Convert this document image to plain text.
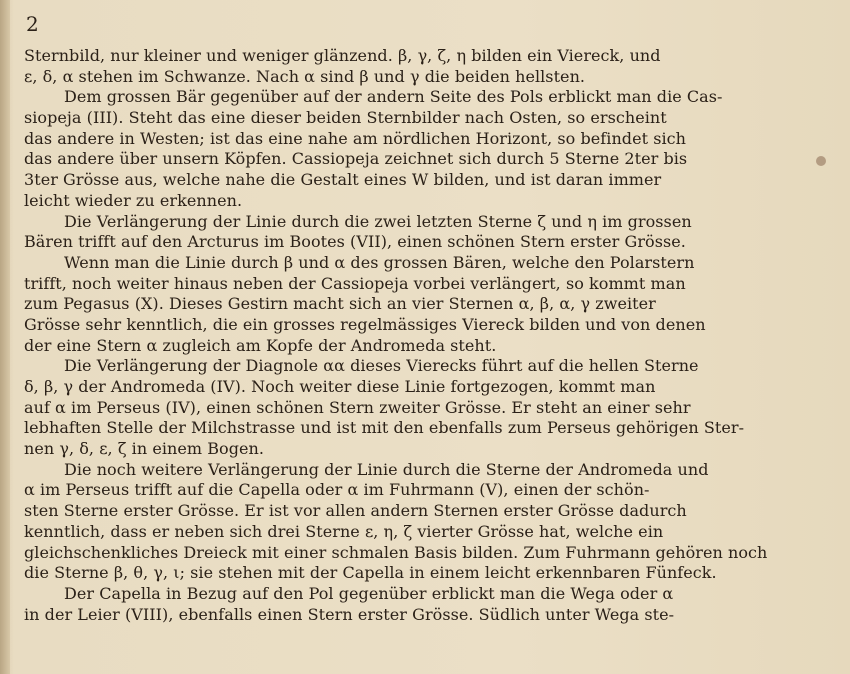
2
Sternbild, nur kleiner und weniger glänzend. β, γ, ζ, η bilden ein Viereck, und
ε, δ, α stehen im Schwanze. Nach α sind β und γ die beiden hellsten.
Dem grossen Bär gegenüber auf der andern Seite des Pols erblickt man die Cas-
siopeja (III). Steht das eine dieser beiden Sternbilder nach Osten, so erscheint
das andere in Westen; ist das eine nahe am nördlichen Horizont, so befindet sich
das andere über unsern Köpfen. Cassiopeja zeichnet sich durch 5 Sterne 2ter bis
3ter Grösse aus, welche nahe die Gestalt eines W bilden, und ist daran immer
leicht wieder zu erkennen.
Die Verlängerung der Linie durch die zwei letzten Sterne ζ und η im grossen
Bären trifft auf den Arcturus im Bootes (VII), einen schönen Stern erster Grösse.
Wenn man die Linie durch β und α des grossen Bären, welche den Polarstern
trifft, noch weiter hinaus neben der Cassiopeja vorbei verlängert, so kommt man
zum Pegasus (X). Dieses Gestirn macht sich an vier Sternen α, β, α, γ zweiter
Grösse sehr kenntlich, die ein grosses regelmässiges Viereck bilden und von denen
der eine Stern α zugleich am Kopfe der Andromeda steht.
Die Verlängerung der Diagnole αα dieses Vierecks führt auf die hellen Sterne
δ, β, γ der Andromeda (IV). Noch weiter diese Linie fortgezogen, kommt man
auf α im Perseus (IV), einen schönen Stern zweiter Grösse. Er steht an einer sehr
lebhaften Stelle der Milchstrasse und ist mit den ebenfalls zum Perseus gehörigen Ster-
nen γ, δ, ε, ζ in einem Bogen.
Die noch weitere Verlängerung der Linie durch die Sterne der Andromeda und
α im Perseus trifft auf die Capella oder α im Fuhrmann (V), einen der schön-
sten Sterne erster Grösse. Er ist vor allen andern Sternen erster Grösse dadurch
kenntlich, dass er neben sich drei Sterne ε, η, ζ vierter Grösse hat, welche ein
gleichschenkliches Dreieck mit einer schmalen Basis bilden. Zum Fuhrmann gehören noch
die Sterne β, θ, γ, ι; sie stehen mit der Capella in einem leicht erkennbaren Fünfeck.
Der Capella in Bezug auf den Pol gegenüber erblickt man die Wega oder α
in der Leier (VIII), ebenfalls einen Stern erster Grösse. Südlich unter Wega ste-
